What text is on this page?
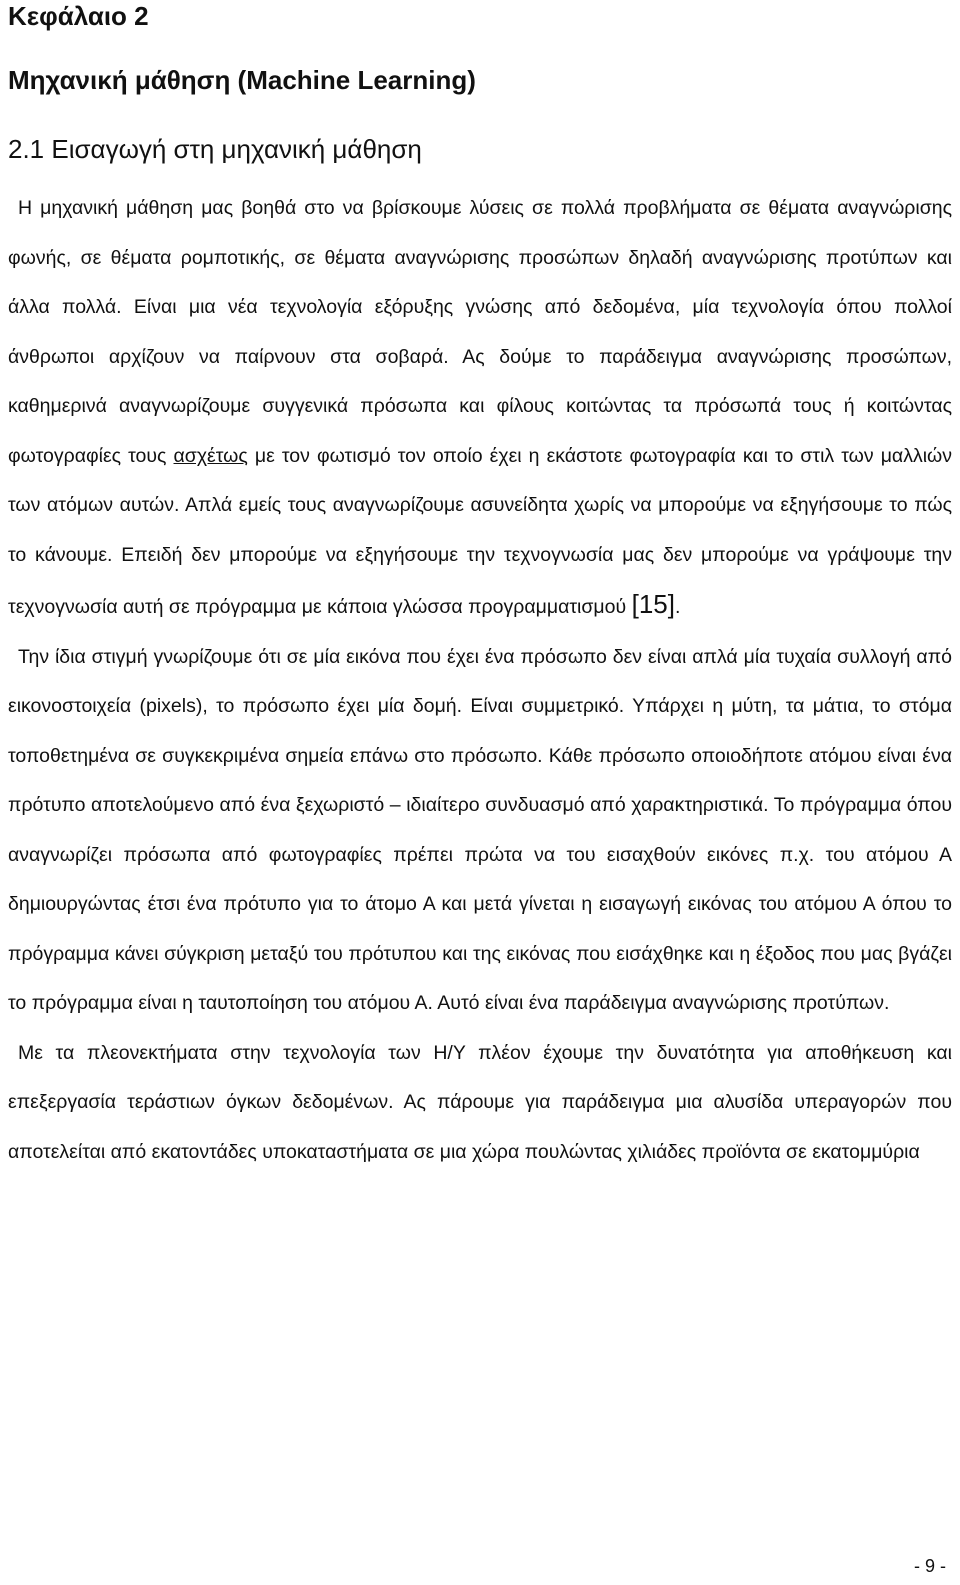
Κεφάλαιο 2
Μηχανική μάθηση (Machine Learning)
2.1 Εισαγωγή στη μηχανική μάθηση

Η μηχανική μάθηση μας βοηθά στο να βρίσκουμε λύσεις σε πολλά προβλήματα σε θέματα αναγνώρισης φωνής, σε θέματα ρομποτικής, σε θέματα αναγνώρισης προσώπων δηλαδή αναγνώρισης προτύπων και άλλα πολλά. Είναι μια νέα τεχνολογία εξόρυξης γνώσης από δεδομένα, μία τεχνολογία όπου πολλοί άνθρωποι αρχίζουν να παίρνουν στα σοβαρά. Ας δούμε το παράδειγμα αναγνώρισης προσώπων, καθημερινά αναγνωρίζουμε συγγενικά πρόσωπα και φίλους κοιτώντας τα πρόσωπά τους ή κοιτώντας φωτογραφίες τους ασχέτως με τον φωτισμό τον οποίο έχει η εκάστοτε φωτογραφία και το στιλ των μαλλιών των ατόμων αυτών. Απλά εμείς τους αναγνωρίζουμε ασυνείδητα χωρίς να μπορούμε να εξηγήσουμε το πώς το κάνουμε. Επειδή δεν μπορούμε να εξηγήσουμε την τεχνογνωσία μας δεν μπορούμε να γράψουμε την τεχνογνωσία αυτή σε πρόγραμμα με κάποια γλώσσα προγραμματισμού [15].

Την ίδια στιγμή γνωρίζουμε ότι σε μία εικόνα που έχει ένα πρόσωπο δεν είναι απλά μία τυχαία συλλογή από εικονοστοιχεία (pixels), το πρόσωπο έχει μία δομή. Είναι συμμετρικό. Υπάρχει η μύτη, τα μάτια, το στόμα τοποθετημένα σε συγκεκριμένα σημεία επάνω στο πρόσωπο. Κάθε πρόσωπο οποιοδήποτε ατόμου είναι ένα πρότυπο αποτελούμενο από ένα ξεχωριστό – ιδιαίτερο συνδυασμό από χαρακτηριστικά. Το πρόγραμμα όπου αναγνωρίζει πρόσωπα από φωτογραφίες πρέπει πρώτα να του εισαχθούν εικόνες π.χ. του ατόμου Α δημιουργώντας έτσι ένα πρότυπο για το άτομο Α και μετά γίνεται η εισαγωγή εικόνας του ατόμου Α όπου το πρόγραμμα κάνει σύγκριση μεταξύ του πρότυπου και της εικόνας που εισάχθηκε και η έξοδος που μας βγάζει το πρόγραμμα είναι η ταυτοποίηση του ατόμου Α. Αυτό είναι ένα παράδειγμα αναγνώρισης προτύπων.

Με τα πλεονεκτήματα στην τεχνολογία των Η/Υ πλέον έχουμε την δυνατότητα για αποθήκευση και επεξεργασία τεράστιων όγκων δεδομένων. Ας πάρουμε για παράδειγμα μια αλυσίδα υπεραγορών που αποτελείται από εκατοντάδες υποκαταστήματα σε μια χώρα πουλώντας χιλιάδες προϊόντα σε εκατομμύρια

- 9 -
